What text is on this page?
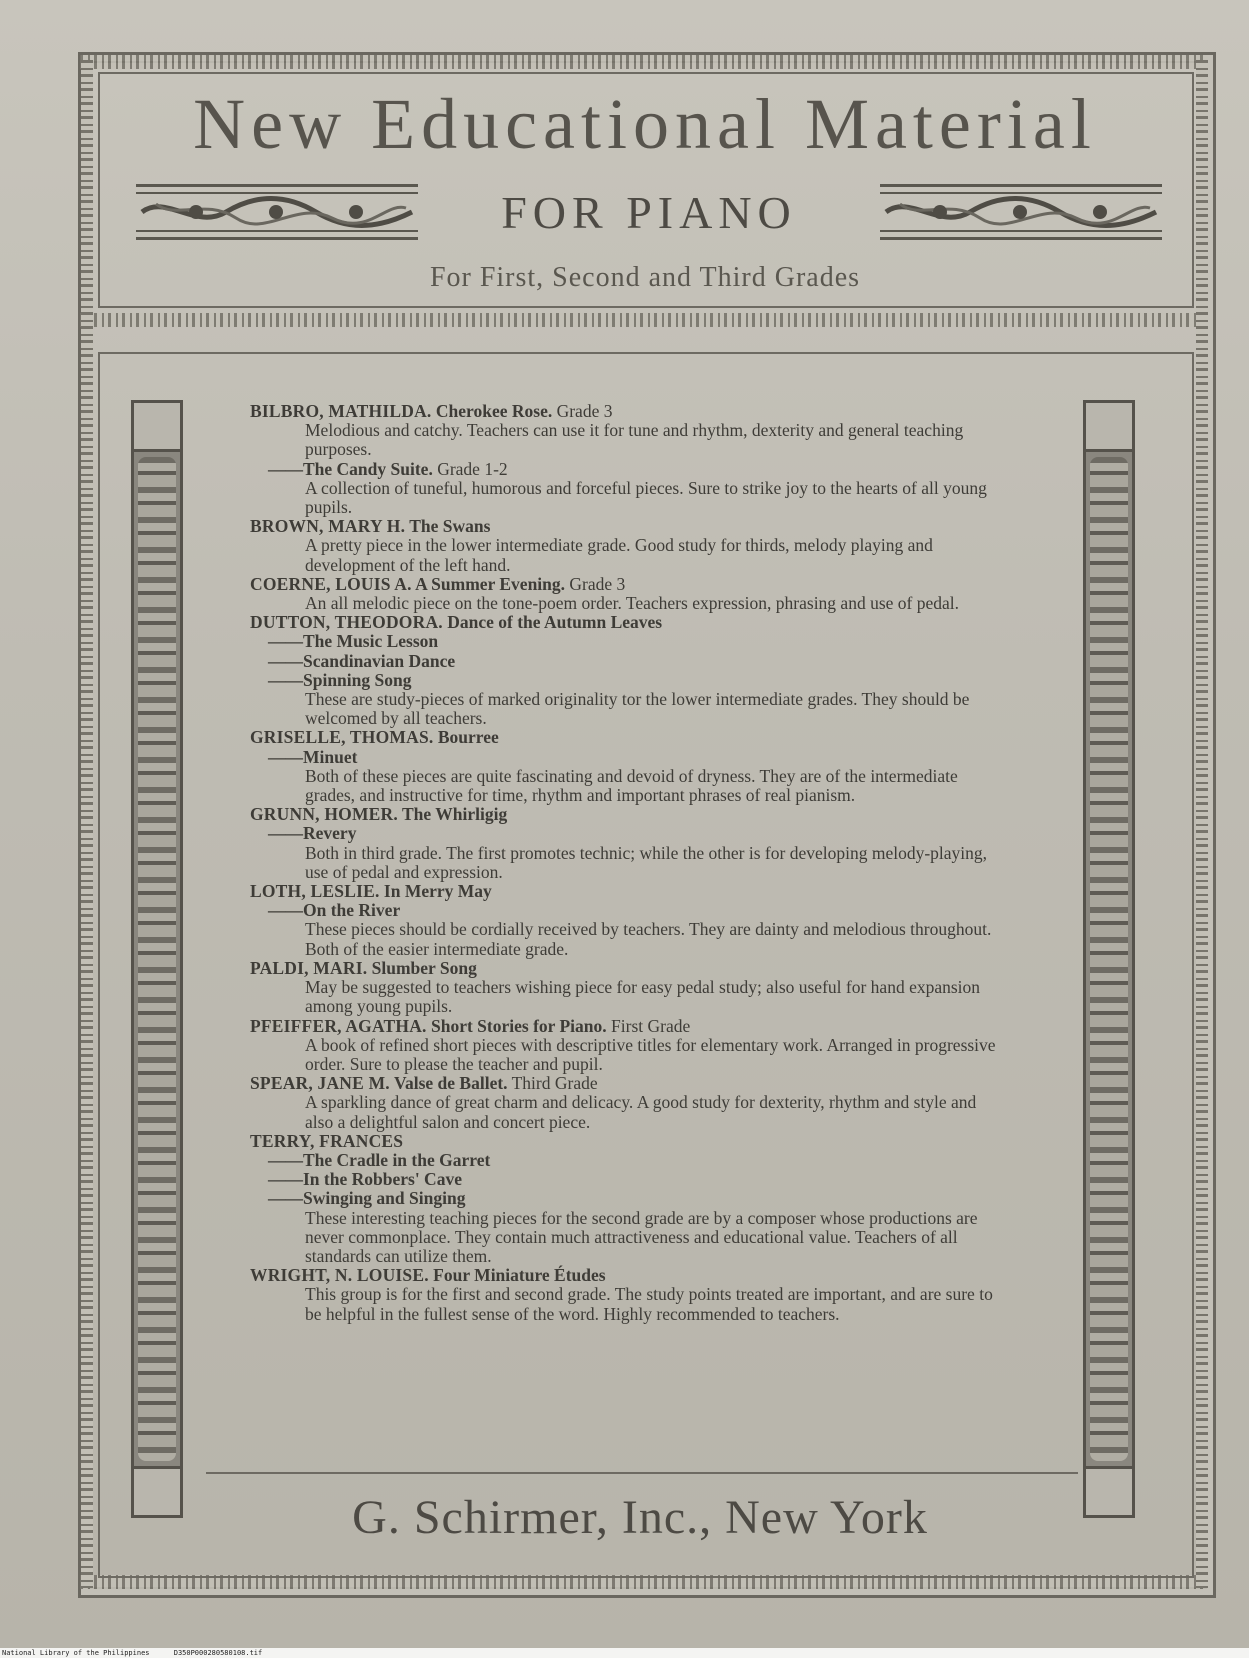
New Educational Material
FOR PIANO
For First, Second and Third Grades

BILBRO, MATHILDA. Cherokee Rose. Grade 3

Melodious and catchy. Teachers can use it for tune and rhythm, dexterity and general teaching purposes.

——The Candy Suite. Grade 1-2

A collection of tuneful, humorous and forceful pieces. Sure to strike joy to the hearts of all young pupils.

BROWN, MARY H. The Swans

A pretty piece in the lower intermediate grade. Good study for thirds, melody playing and development of the left hand.

COERNE, LOUIS A. A Summer Evening. Grade 3

An all melodic piece on the tone-poem order. Teachers expression, phrasing and use of pedal.

DUTTON, THEODORA. Dance of the Autumn Leaves

——The Music Lesson

——Scandinavian Dance

——Spinning Song

These are study-pieces of marked originality tor the lower intermediate grades. They should be welcomed by all teachers.

GRISELLE, THOMAS. Bourree

——Minuet

Both of these pieces are quite fascinating and devoid of dryness. They are of the intermediate grades, and instructive for time, rhythm and important phrases of real pianism.

GRUNN, HOMER. The Whirligig

——Revery

Both in third grade. The first promotes technic; while the other is for developing melody-playing, use of pedal and expression.

LOTH, LESLIE. In Merry May

——On the River

These pieces should be cordially received by teachers. They are dainty and melodious throughout. Both of the easier intermediate grade.

PALDI, MARI. Slumber Song

May be suggested to teachers wishing piece for easy pedal study; also useful for hand expansion among young pupils.

PFEIFFER, AGATHA. Short Stories for Piano. First Grade

A book of refined short pieces with descriptive titles for elementary work. Arranged in progressive order. Sure to please the teacher and pupil.

SPEAR, JANE M. Valse de Ballet. Third Grade

A sparkling dance of great charm and delicacy. A good study for dexterity, rhythm and style and also a delightful salon and concert piece.

TERRY, FRANCES

——The Cradle in the Garret

——In the Robbers' Cave

——Swinging and Singing

These interesting teaching pieces for the second grade are by a composer whose productions are never commonplace. They contain much attractiveness and educational value. Teachers of all standards can utilize them.

WRIGHT, N. LOUISE. Four Miniature Études

This group is for the first and second grade. The study points treated are important, and are sure to be helpful in the fullest sense of the word. Highly recommended to teachers.

G. Schirmer, Inc., New York
National Library of the Philippines	D350P000280580108.tif
